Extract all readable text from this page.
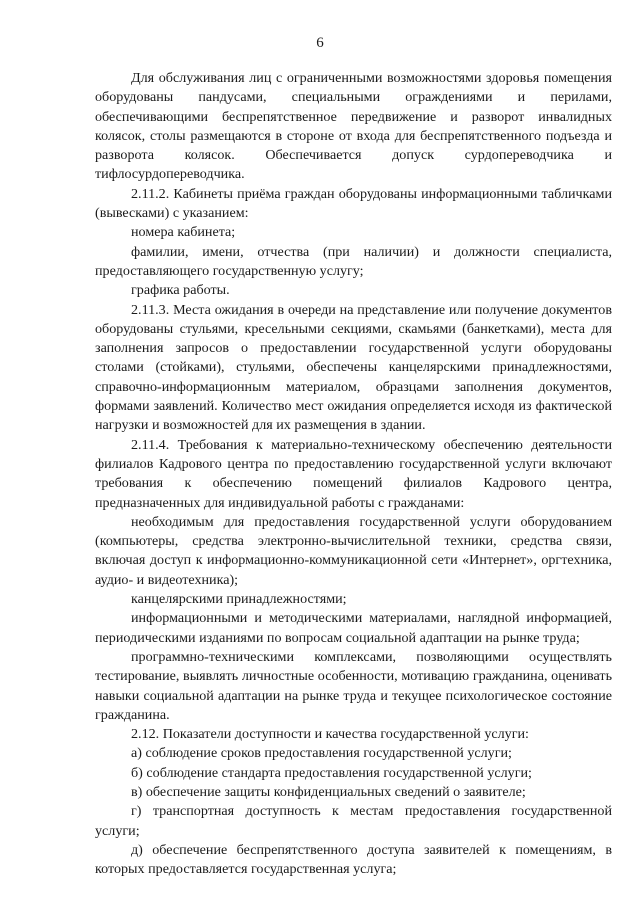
6

Для обслуживания лиц с ограниченными возможностями здоровья помещения оборудованы пандусами, специальными ограждениями и перилами, обеспечивающими беспрепятственное передвижение и разворот инвалидных колясок, столы размещаются в стороне от входа для беспрепятственного подъезда и разворота колясок. Обеспечивается допуск сурдопереводчика и тифлосурдопереводчика.

2.11.2. Кабинеты приёма граждан оборудованы информационными табличками (вывесками) с указанием:

номера кабинета;

фамилии, имени, отчества (при наличии) и должности специалиста, предоставляющего государственную услугу;

графика работы.

2.11.3. Места ожидания в очереди на представление или получение документов оборудованы стульями, кресельными секциями, скамьями (банкетками), места для заполнения запросов о предоставлении государственной услуги оборудованы столами (стойками), стульями, обеспечены канцелярскими принадлежностями, справочно-информационным материалом, образцами заполнения документов, формами заявлений. Количество мест ожидания определяется исходя из фактической нагрузки и возможностей для их размещения в здании.

2.11.4. Требования к материально-техническому обеспечению деятельности филиалов Кадрового центра по предоставлению государственной услуги включают требования к обеспечению помещений филиалов Кадрового центра, предназначенных для индивидуальной работы с гражданами:

необходимым для предоставления государственной услуги оборудованием (компьютеры, средства электронно-вычислительной техники, средства связи, включая доступ к информационно-коммуникационной сети «Интернет», оргтехника, аудио- и видеотехника);

канцелярскими принадлежностями;

информационными и методическими материалами, наглядной информацией, периодическими изданиями по вопросам социальной адаптации на рынке труда;

программно-техническими комплексами, позволяющими осуществлять тестирование, выявлять личностные особенности, мотивацию гражданина, оценивать навыки социальной адаптации на рынке труда и текущее психологическое состояние гражданина.

2.12. Показатели доступности и качества государственной услуги:

а) соблюдение сроков предоставления государственной услуги;

б) соблюдение стандарта предоставления государственной услуги;

в) обеспечение защиты конфиденциальных сведений о заявителе;

г) транспортная доступность к местам предоставления государственной услуги;

д) обеспечение беспрепятственного доступа заявителей к помещениям, в которых предоставляется государственная услуга;
